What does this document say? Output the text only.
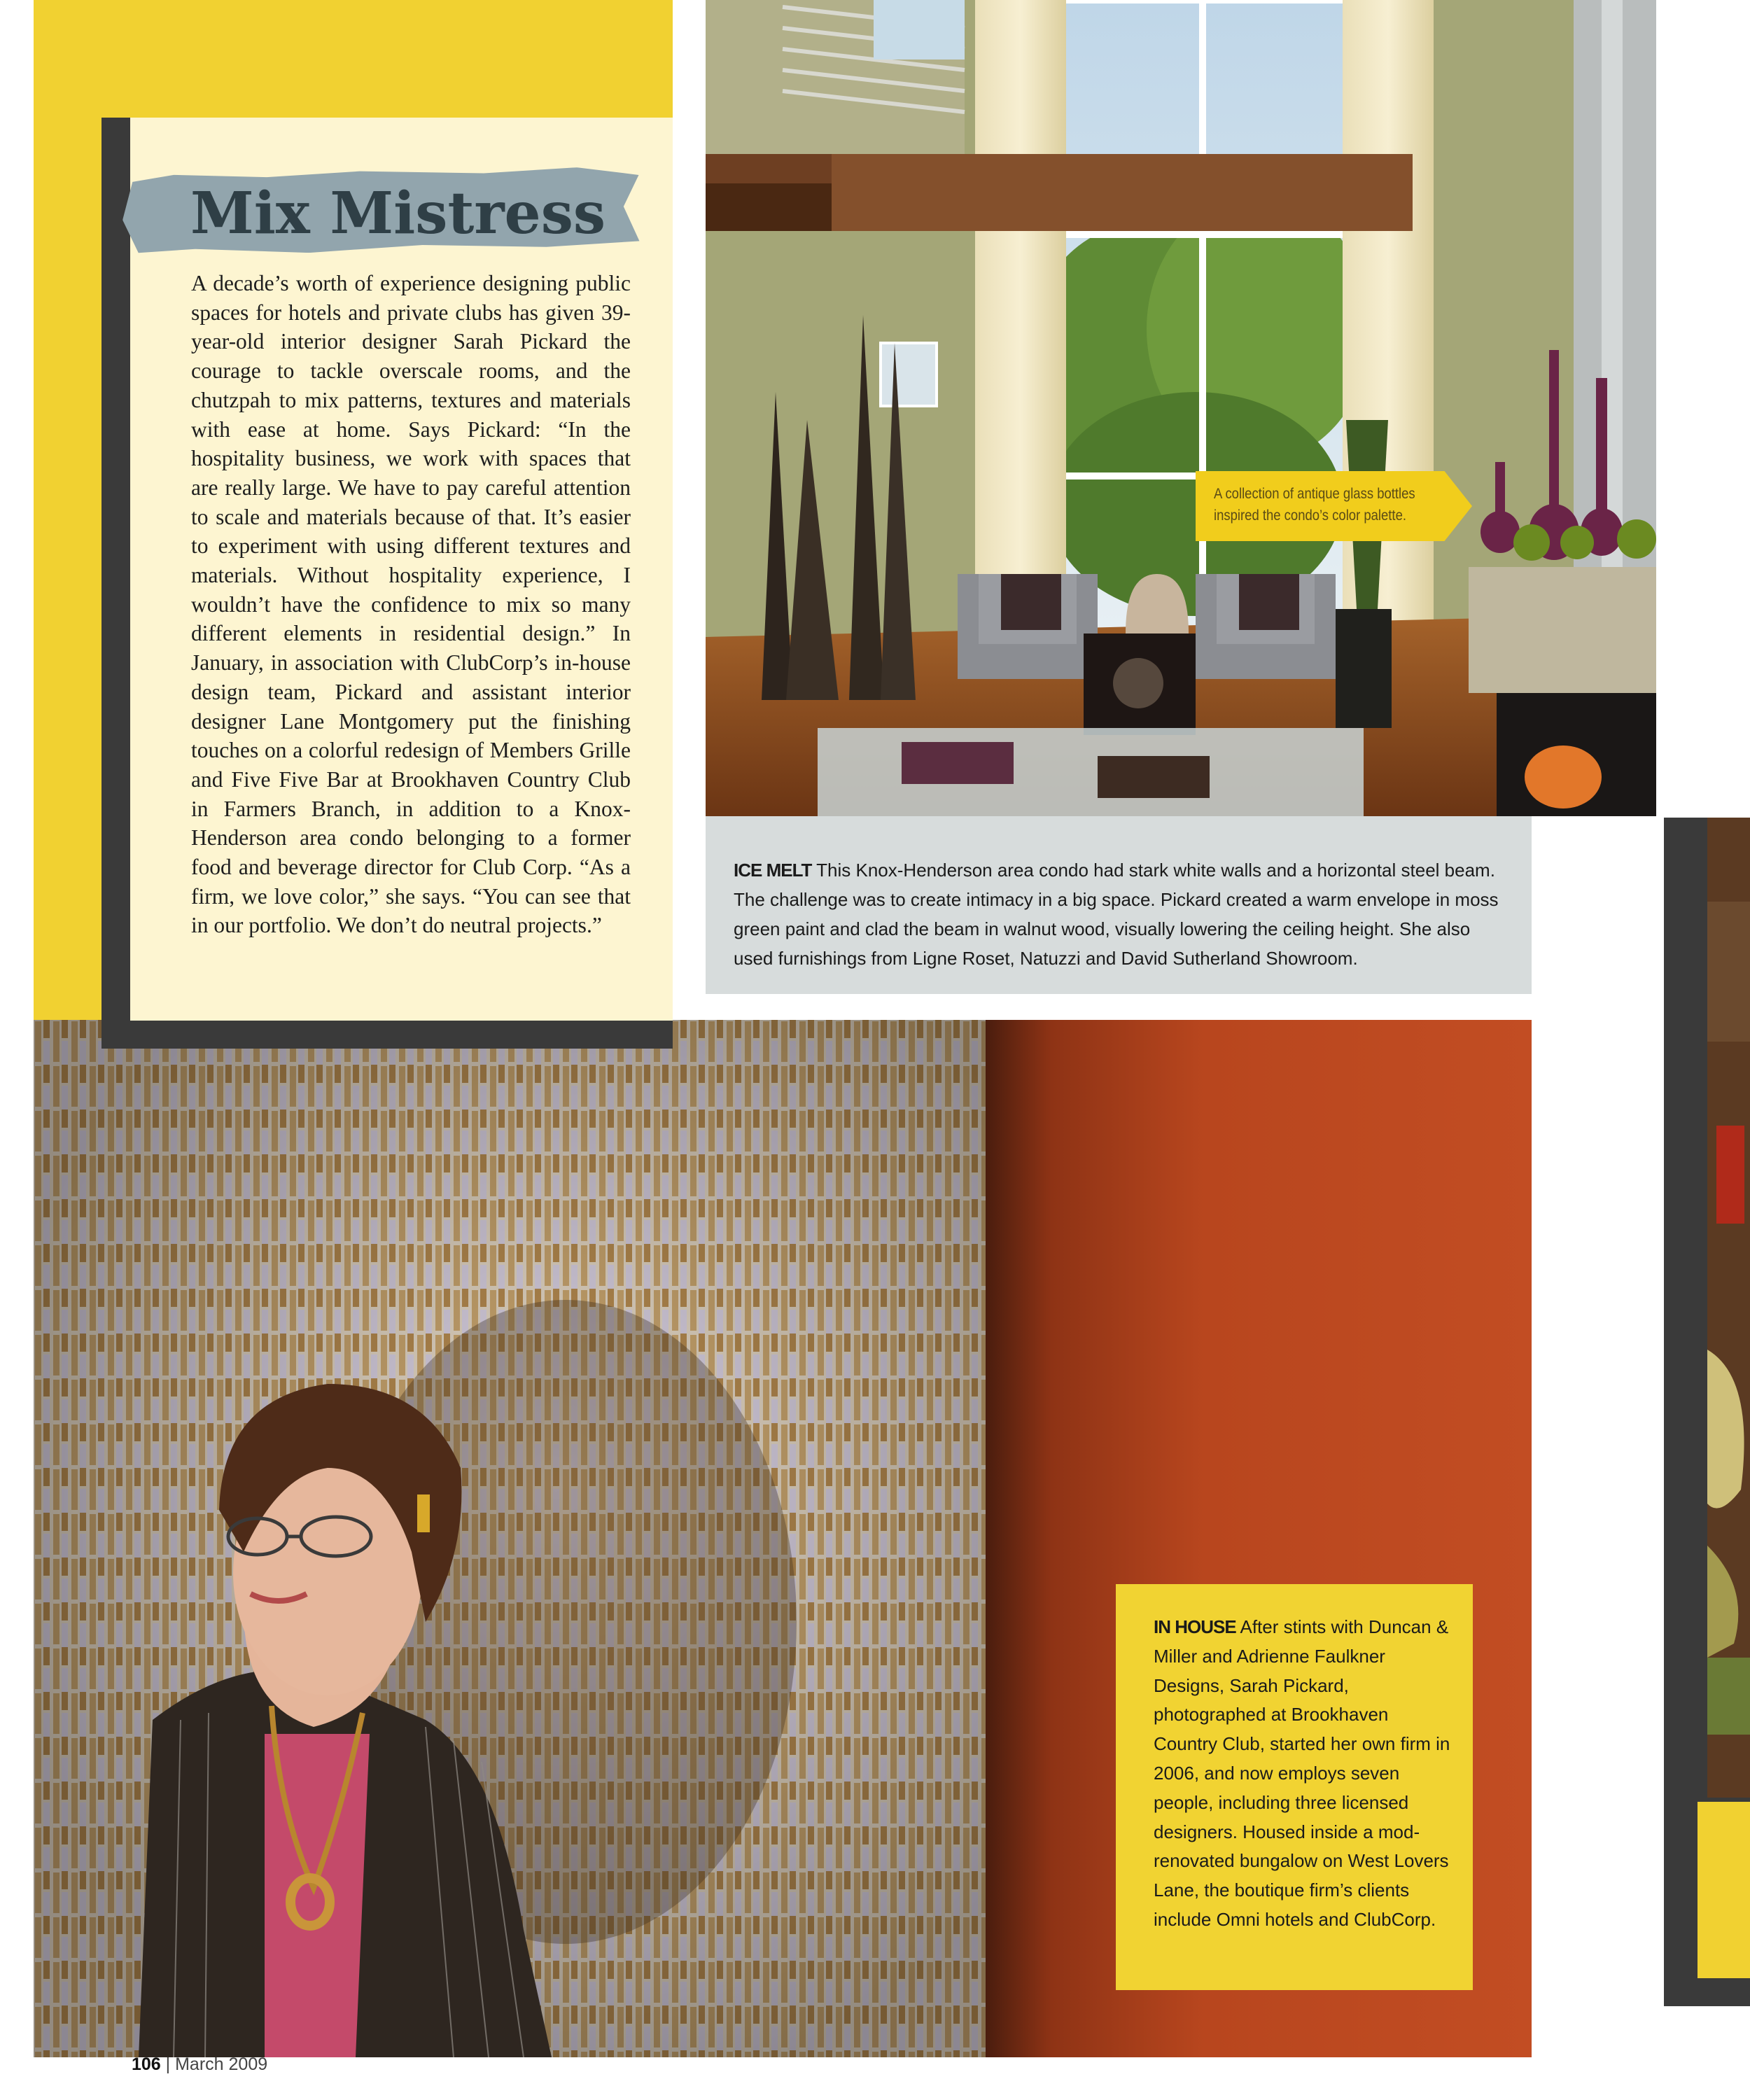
A collection of antique glass bottles inspired the condo’s color palette.
ICE MELT This Knox-Henderson area condo had stark white walls and a horizontal steel beam. The challenge was to create intimacy in a big space. Pickard created a warm envelope in moss green paint and clad the beam in walnut wood, visually lowering the ceiling height. She also used furnishings from Ligne Roset, Natuzzi and David Sutherland Showroom.
IN HOUSE After stints with Duncan & Miller and Adrienne Faulkner Designs, Sarah Pickard, photographed at Brookhaven Country Club, started her own firm in 2006, and now employs seven people, including three licensed designers. Housed inside a mod-renovated bungalow on West Lovers Lane, the boutique firm’s clients include Omni hotels and ClubCorp.
106 | March 2009
Mix Mistress
A decade’s worth of experience designing public spaces for hotels and private clubs has given 39-year-old interior designer Sarah Pickard the courage to tackle overscale rooms, and the chutzpah to mix patterns, textures and materials with ease at home. Says Pickard: “In the hospitality business, we work with spaces that are really large. We have to pay careful attention to scale and materials because of that. It’s easier to experiment with using different textures and materials. Without hospitality experience, I wouldn’t have the confidence to mix so many different elements in residential design.” In January, in association with ClubCorp’s in-house design team, Pickard and assistant interior designer Lane Montgomery put the finishing touches on a colorful redesign of Members Grille and Five Five Bar at Brookhaven Country Club in Farmers Branch, in addition to a Knox-Henderson area condo belonging to a former food and beverage director for Club Corp. “As a firm, we love color,” she says. “You can see that in our portfolio. We don’t do neutral projects.”
